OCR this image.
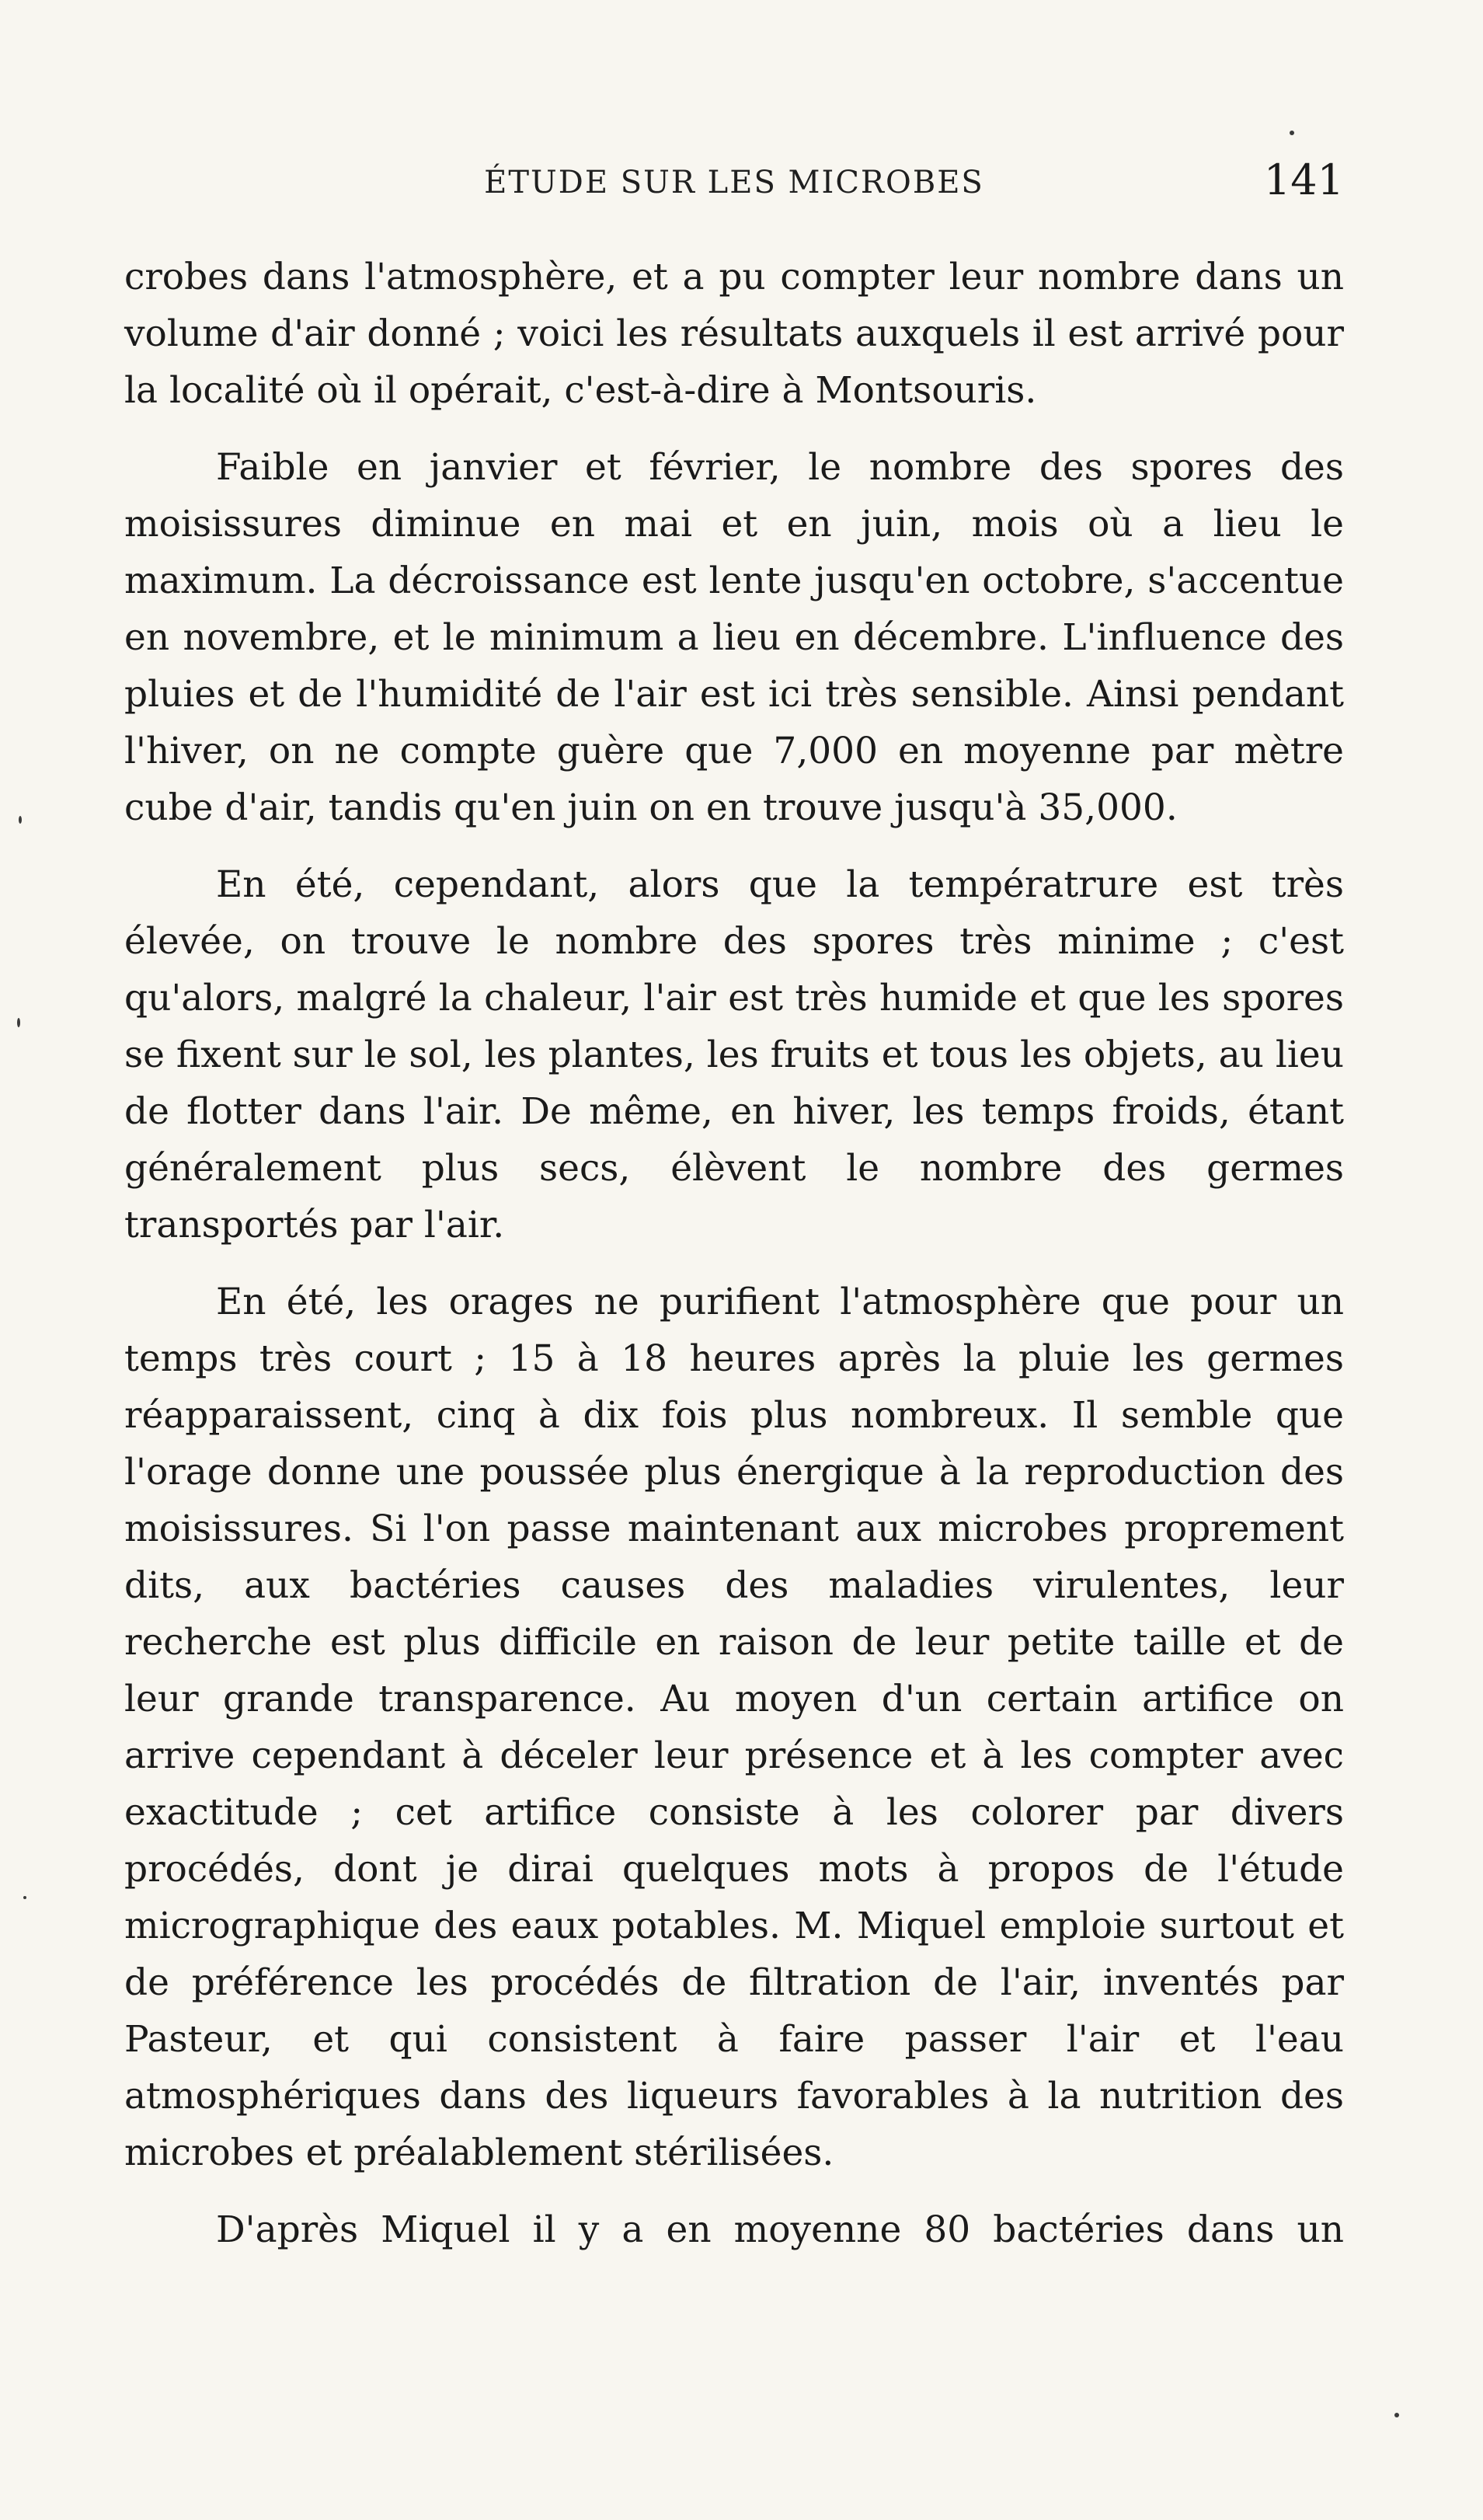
ÉTUDE SUR LES MICROBES	141

crobes dans l'atmosphère, et a pu compter leur nombre dans un volume d'air donné ; voici les résultats auxquels il est arrivé pour la localité où il opérait, c'est-à-dire à Montsouris.

Faible en janvier et février, le nombre des spores des moisissures diminue en mai et en juin, mois où a lieu le maximum. La décroissance est lente jusqu'en octobre, s'accentue en novembre, et le minimum a lieu en décembre. L'influence des pluies et de l'humidité de l'air est ici très sensible. Ainsi pendant l'hiver, on ne compte guère que 7,000 en moyenne par mètre cube d'air, tandis qu'en juin on en trouve jusqu'à 35,000.

En été, cependant, alors que la températrure est très élevée, on trouve le nombre des spores très minime ; c'est qu'alors, malgré la chaleur, l'air est très humide et que les spores se fixent sur le sol, les plantes, les fruits et tous les objets, au lieu de flotter dans l'air. De même, en hiver, les temps froids, étant généralement plus secs, élèvent le nombre des germes transportés par l'air.

En été, les orages ne purifient l'atmosphère que pour un temps très court ; 15 à 18 heures après la pluie les germes réapparaissent, cinq à dix fois plus nombreux. Il semble que l'orage donne une poussée plus énergique à la reproduction des moisissures. Si l'on passe maintenant aux microbes proprement dits, aux bactéries causes des maladies virulentes, leur recherche est plus difficile en raison de leur petite taille et de leur grande transparence. Au moyen d'un certain artifice on arrive cependant à déceler leur présence et à les compter avec exactitude ; cet artifice consiste à les colorer par divers procédés, dont je dirai quelques mots à propos de l'étude micrographique des eaux potables. M. Miquel emploie surtout et de préférence les procédés de filtration de l'air, inventés par Pasteur, et qui consistent à faire passer l'air et l'eau atmosphériques dans des liqueurs favorables à la nutrition des microbes et préalablement stérilisées.

D'après Miquel il y a en moyenne 80 bactéries dans un
